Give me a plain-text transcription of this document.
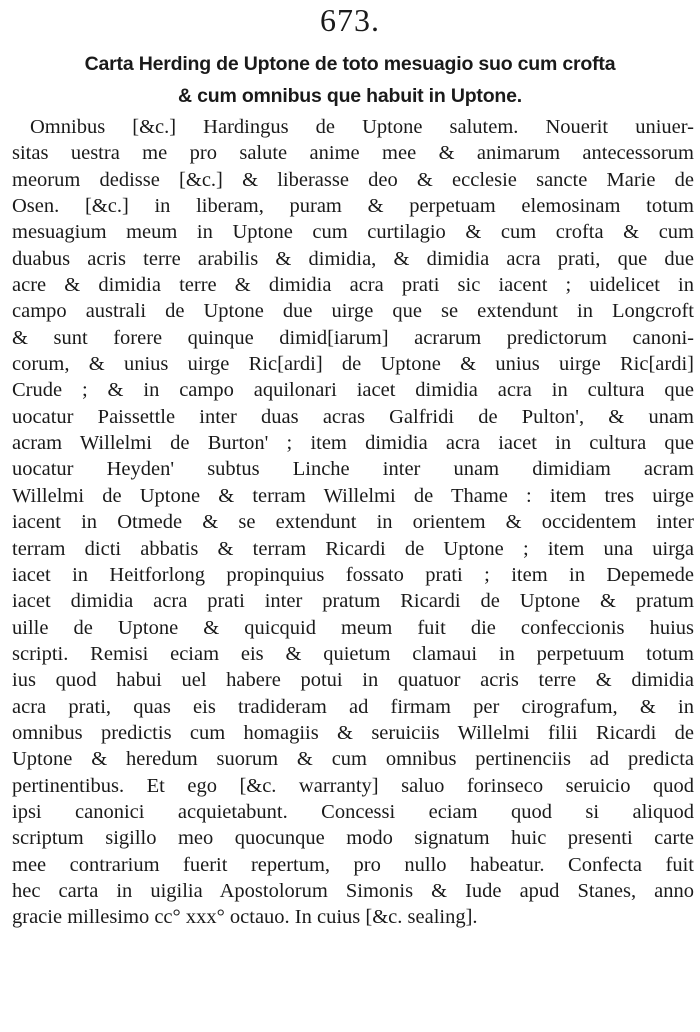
673.
Carta Herding de Uptone de toto mesuagio suo cum crofta
& cum omnibus que habuit in Uptone.
Omnibus [&c.] Hardingus de Uptone salutem. Nouerit uniuer-
sitas uestra me pro salute anime mee & animarum antecessorum
meorum dedisse [&c.] & liberasse deo & ecclesie sancte Marie de
Osen. [&c.] in liberam, puram & perpetuam elemosinam totum
mesuagium meum in Uptone cum curtilagio & cum crofta & cum
duabus acris terre arabilis & dimidia, & dimidia acra prati, que due
acre & dimidia terre & dimidia acra prati sic iacent ; uidelicet in
campo australi de Uptone due uirge que se extendunt in Longcroft
& sunt forere quinque dimid[iarum] acrarum predictorum canoni-
corum, & unius uirge Ric[ardi] de Uptone & unius uirge Ric[ardi]
Crude ; & in campo aquilonari iacet dimidia acra in cultura que
uocatur Paissettle inter duas acras Galfridi de Pulton', & unam
acram Willelmi de Burton' ; item dimidia acra iacet in cultura que
uocatur Heyden' subtus Linche inter unam dimidiam acram
Willelmi de Uptone & terram Willelmi de Thame : item tres uirge
iacent in Otmede & se extendunt in orientem & occidentem inter
terram dicti abbatis & terram Ricardi de Uptone ; item una uirga
iacet in Heitforlong propinquius fossato prati ; item in Depemede
iacet dimidia acra prati inter pratum Ricardi de Uptone & pratum
uille de Uptone & quicquid meum fuit die confeccionis huius
scripti. Remisi eciam eis & quietum clamaui in perpetuum totum
ius quod habui uel habere potui in quatuor acris terre & dimidia
acra prati, quas eis tradideram ad firmam per cirografum, & in
omnibus predictis cum homagiis & seruiciis Willelmi filii Ricardi de
Uptone & heredum suorum & cum omnibus pertinenciis ad predicta
pertinentibus. Et ego [&c. warranty] saluo forinseco seruicio quod
ipsi canonici acquietabunt. Concessi eciam quod si aliquod
scriptum sigillo meo quocunque modo signatum huic presenti carte
mee contrarium fuerit repertum, pro nullo habeatur. Confecta fuit
hec carta in uigilia Apostolorum Simonis & Iude apud Stanes, anno
gracie millesimo cc° xxx° octauo. In cuius [&c. sealing].
